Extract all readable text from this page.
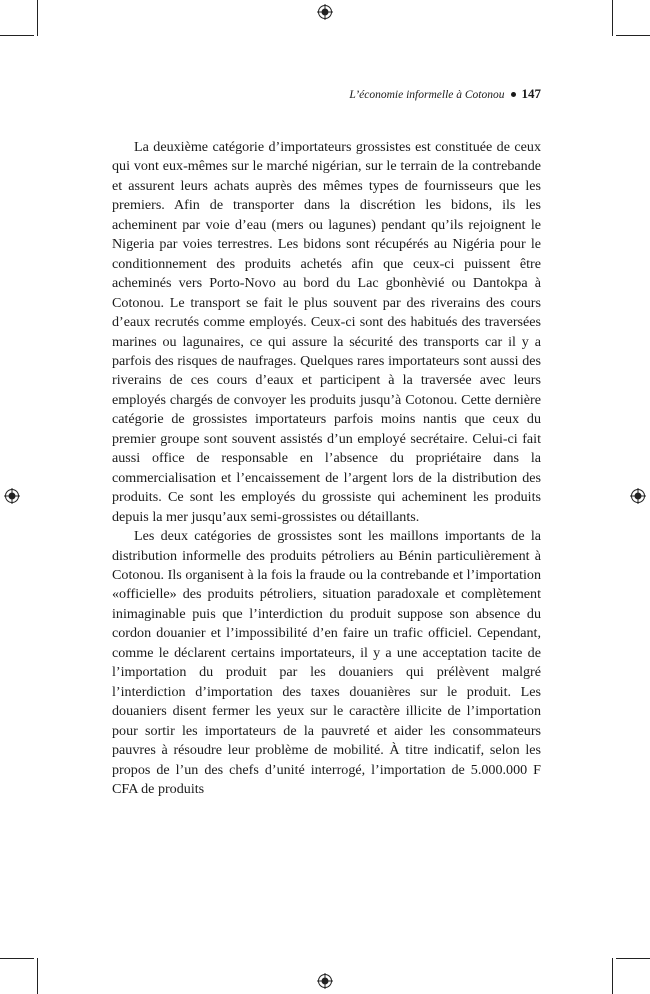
L’économie informelle à Cotonou 147

La deuxième catégorie d’importateurs grossistes est constituée de ceux qui vont eux-mêmes sur le marché nigérian, sur le terrain de la contrebande et assurent leurs achats auprès des mêmes types de fournisseurs que les premiers. Afin de transporter dans la discrétion les bidons, ils les acheminent par voie d’eau (mers ou lagunes) pendant qu’ils rejoignent le Nigeria par voies terrestres. Les bidons sont récupérés au Nigéria pour le conditionnement des produits achetés afin que ceux-ci puissent être acheminés vers Porto-Novo au bord du Lac gbonhèvié ou Dantokpa à Cotonou. Le transport se fait le plus souvent par des riverains des cours d’eaux recrutés comme employés. Ceux-ci sont des habitués des traversées marines ou lagunaires, ce qui assure la sécurité des transports car il y a parfois des risques de naufrages. Quelques rares importateurs sont aussi des riverains de ces cours d’eaux et participent à la traversée avec leurs employés chargés de convoyer les produits jusqu’à Cotonou. Cette dernière catégorie de grossistes importateurs parfois moins nantis que ceux du premier groupe sont souvent assistés d’un employé secrétaire. Celui-ci fait aussi office de responsable en l’absence du propriétaire dans la commercialisation et l’encaissement de l’argent lors de la distribution des produits. Ce sont les employés du grossiste qui acheminent les produits depuis la mer jusqu’aux semi-grossistes ou détaillants.

Les deux catégories de grossistes sont les maillons importants de la distribution informelle des produits pétroliers au Bénin particulièrement à Cotonou. Ils organisent à la fois la fraude ou la contrebande et l’importation «officielle» des produits pétroliers, situation paradoxale et complètement inimaginable puis que l’interdiction du produit suppose son absence du cordon douanier et l’impossibilité d’en faire un trafic officiel. Cependant, comme le déclarent certains importateurs, il y a une acceptation tacite de l’importation du produit par les douaniers qui prélèvent malgré l’interdiction d’importation des taxes douanières sur le produit. Les douaniers disent fermer les yeux sur le caractère illicite de l’importation pour sortir les importateurs de la pauvreté et aider les consommateurs pauvres à résoudre leur problème de mobilité. À titre indicatif, selon les propos de l’un des chefs d’unité interrogé, l’importation de 5.000.000 F CFA de produits
